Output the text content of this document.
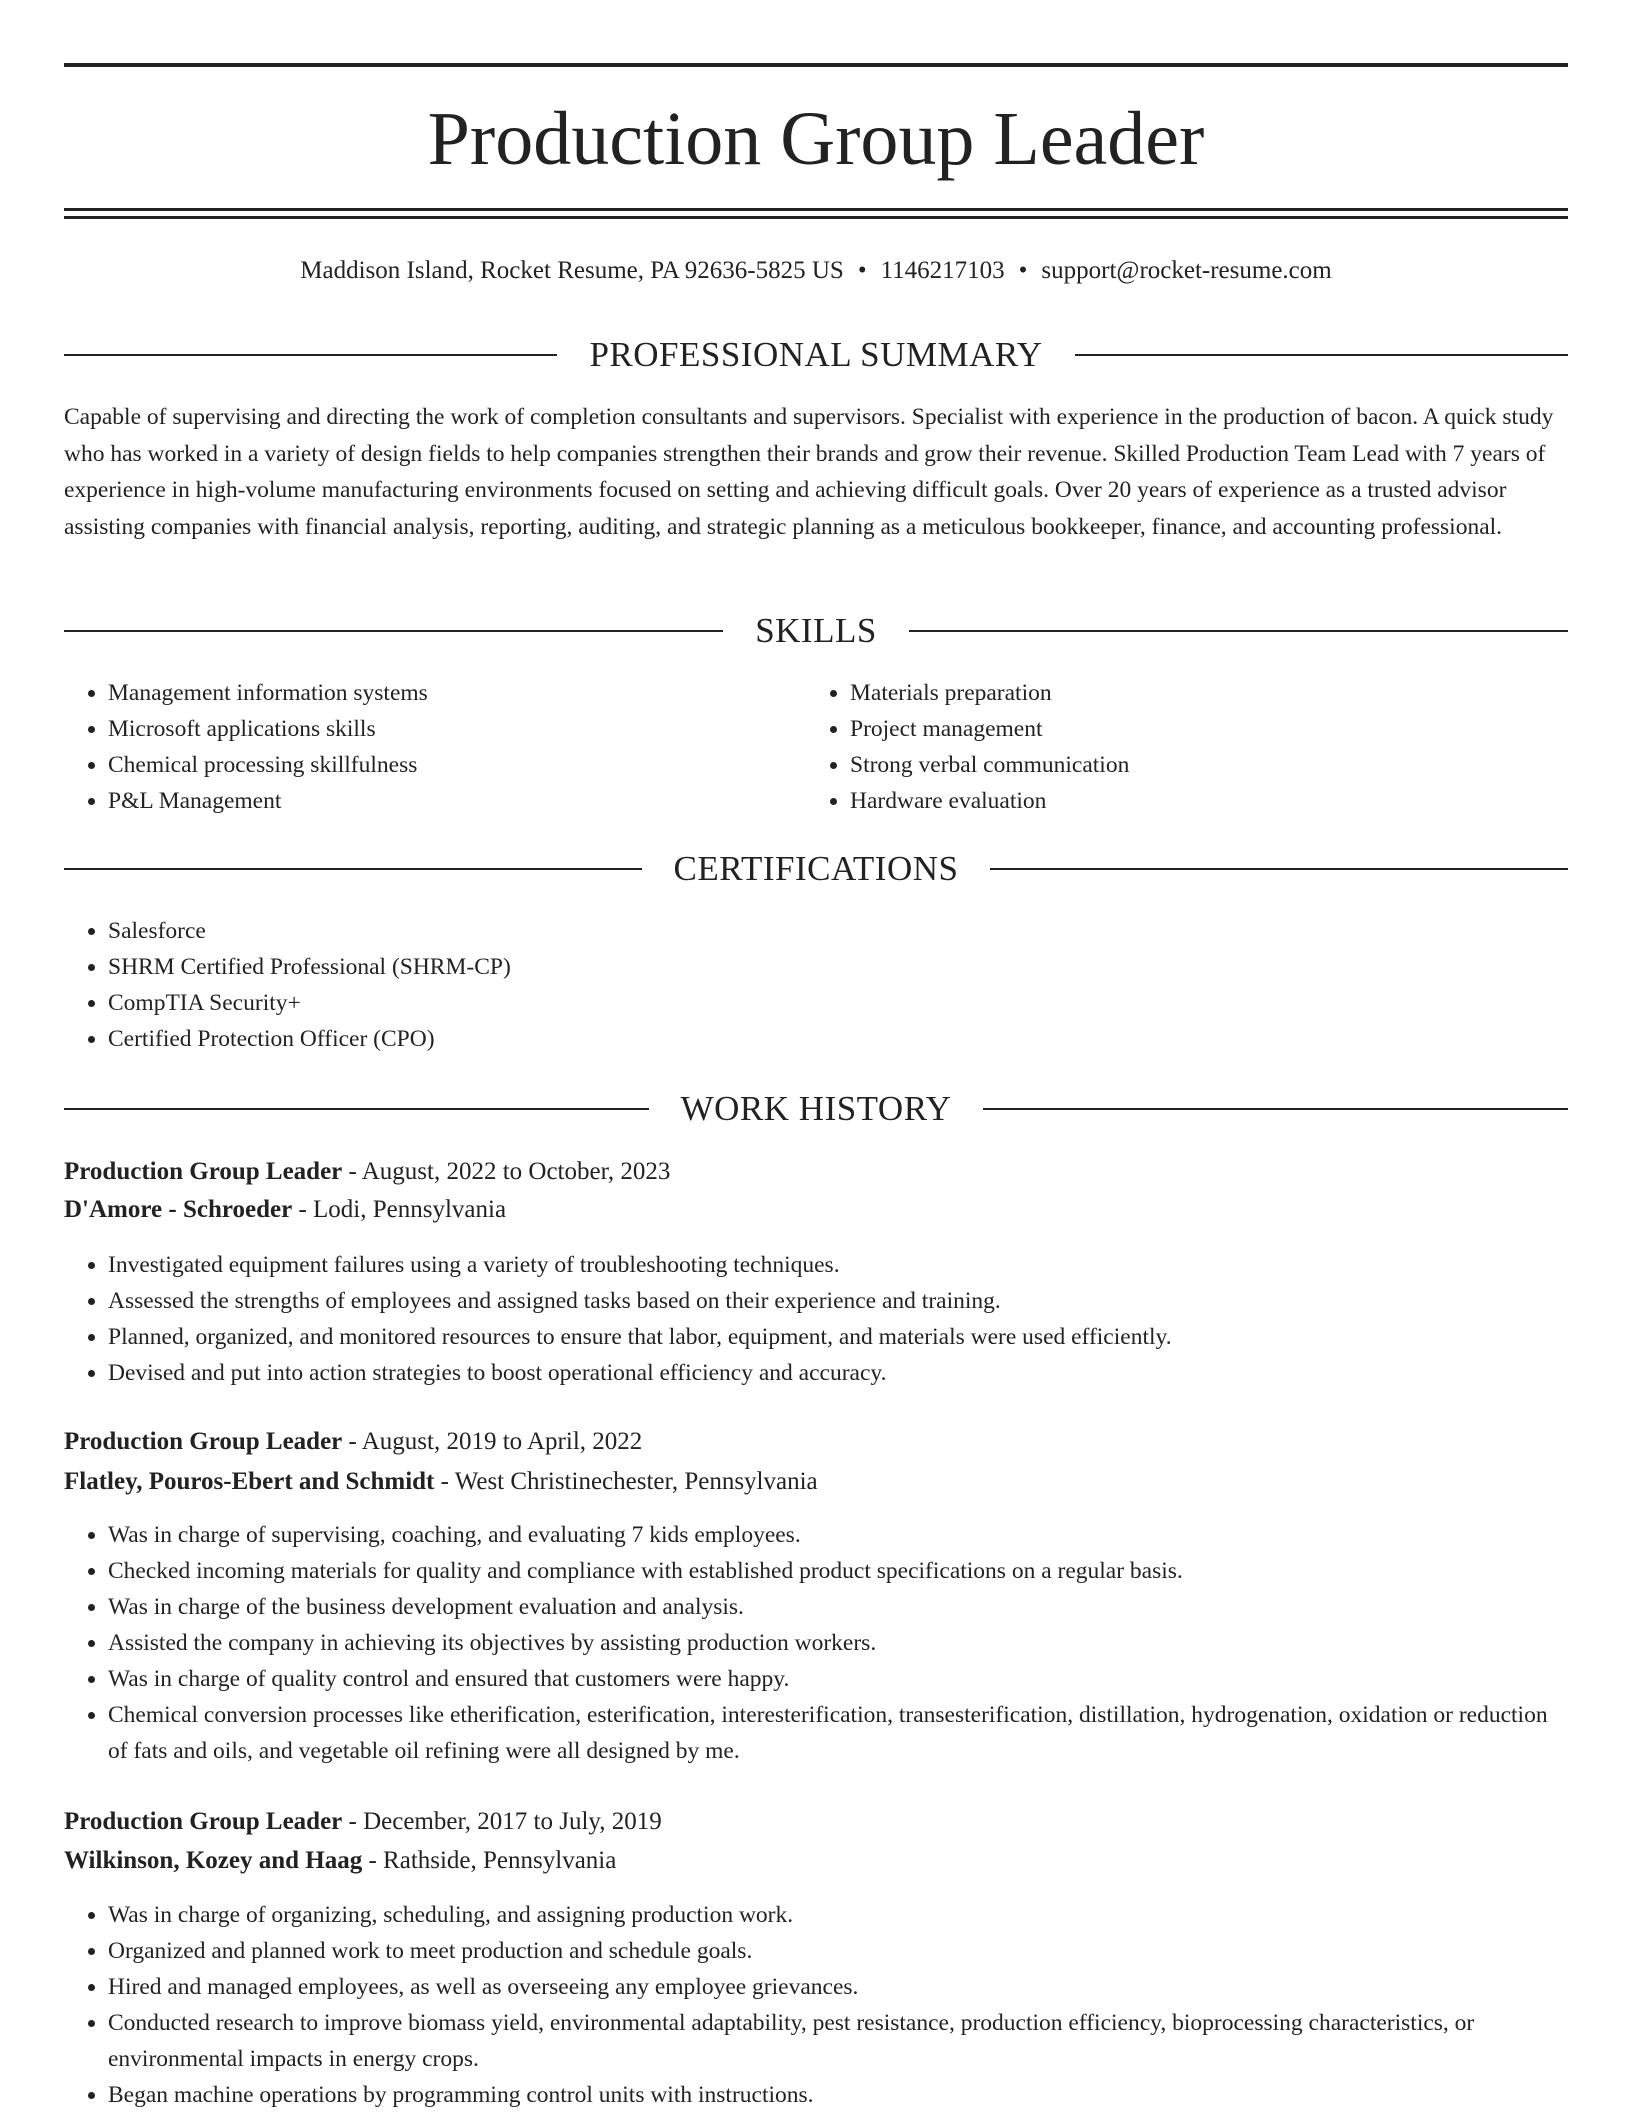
Production Group Leader
Maddison Island, Rocket Resume, PA 92636-5825 US • 1146217103 • support@rocket-resume.com
PROFESSIONAL SUMMARY

Capable of supervising and directing the work of completion consultants and supervisors. Specialist with experience in the production of bacon. A quick study who has worked in a variety of design fields to help companies strengthen their brands and grow their revenue. Skilled Production Team Lead with 7 years of experience in high-volume manufacturing environments focused on setting and achieving difficult goals. Over 20 years of experience as a trusted advisor assisting companies with financial analysis, reporting, auditing, and strategic planning as a meticulous bookkeeper, finance, and accounting professional.

SKILLS
• Management information systems
• Microsoft applications skills
• Chemical processing skillfulness
• P&L Management
• Materials preparation
• Project management
• Strong verbal communication
• Hardware evaluation
CERTIFICATIONS
• Salesforce
• SHRM Certified Professional (SHRM-CP)
• CompTIA Security+
• Certified Protection Officer (CPO)
WORK HISTORY
Production Group Leader - August, 2022 to October, 2023
D'Amore - Schroeder - Lodi, Pennsylvania
• Investigated equipment failures using a variety of troubleshooting techniques.
• Assessed the strengths of employees and assigned tasks based on their experience and training.
• Planned, organized, and monitored resources to ensure that labor, equipment, and materials were used efficiently.
• Devised and put into action strategies to boost operational efficiency and accuracy.
Production Group Leader - August, 2019 to April, 2022
Flatley, Pouros-Ebert and Schmidt - West Christinechester, Pennsylvania
• Was in charge of supervising, coaching, and evaluating 7 kids employees.
• Checked incoming materials for quality and compliance with established product specifications on a regular basis.
• Was in charge of the business development evaluation and analysis.
• Assisted the company in achieving its objectives by assisting production workers.
• Was in charge of quality control and ensured that customers were happy.
• Chemical conversion processes like etherification, esterification, interesterification, transesterification, distillation, hydrogenation, oxidation or reduction of fats and oils, and vegetable oil refining were all designed by me.
Production Group Leader - December, 2017 to July, 2019
Wilkinson, Kozey and Haag - Rathside, Pennsylvania
• Was in charge of organizing, scheduling, and assigning production work.
• Organized and planned work to meet production and schedule goals.
• Hired and managed employees, as well as overseeing any employee grievances.
• Conducted research to improve biomass yield, environmental adaptability, pest resistance, production efficiency, bioprocessing characteristics, or environmental impacts in energy crops.
• Began machine operations by programming control units with instructions.
